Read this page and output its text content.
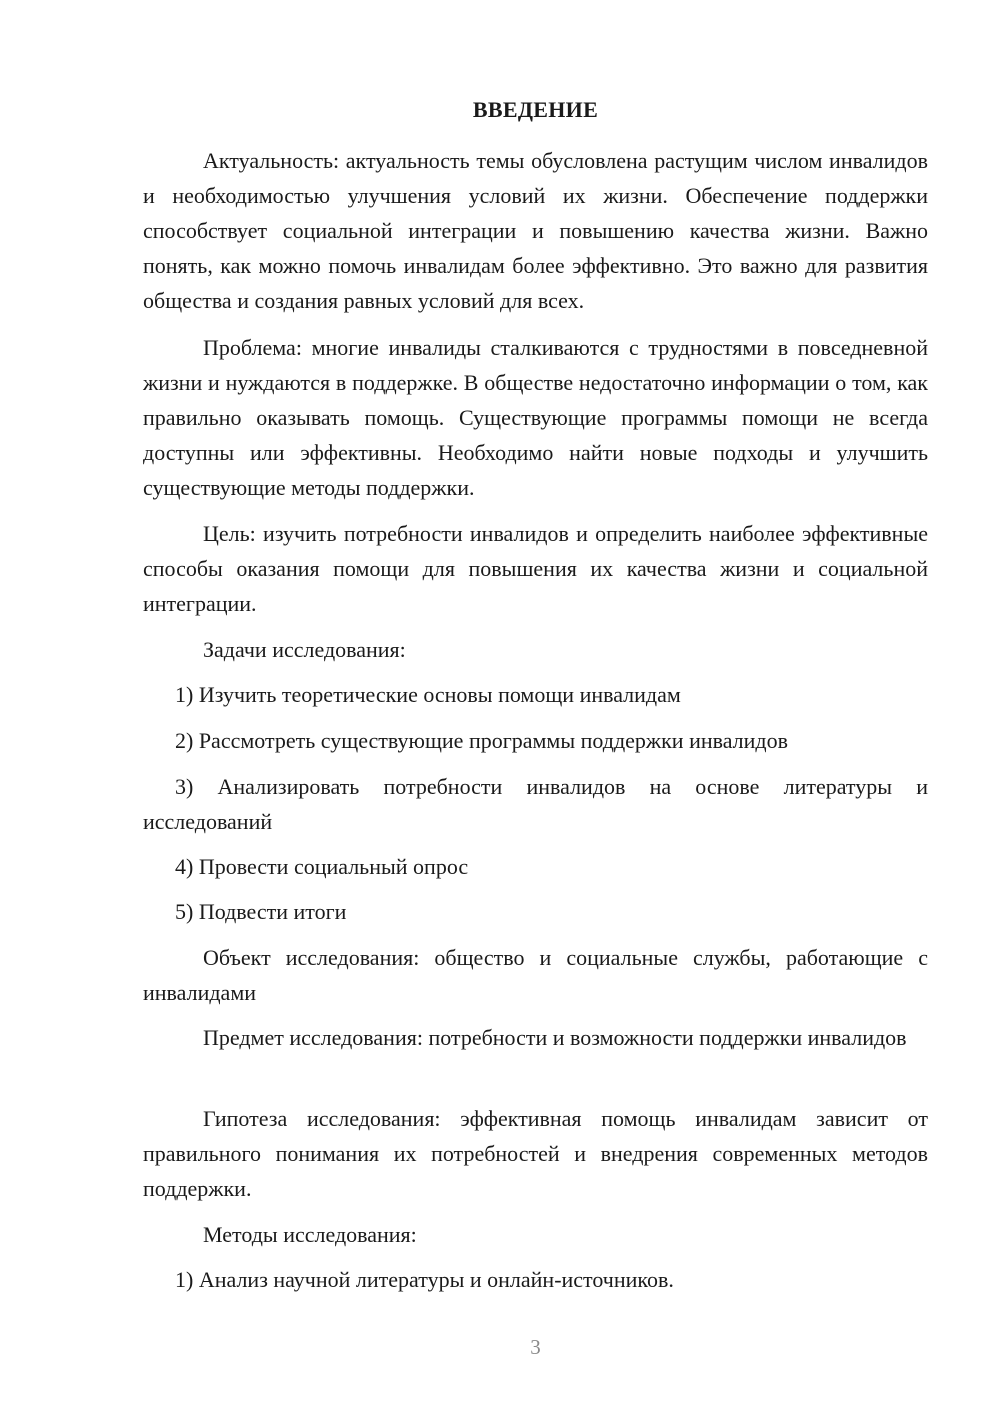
ВВЕДЕНИЕ
Актуальность: актуальность темы обусловлена растущим числом инвалидов и необходимостью улучшения условий их жизни. Обеспечение поддержки способствует социальной интеграции и повышению качества жизни. Важно понять, как можно помочь инвалидам более эффективно. Это важно для развития общества и создания равных условий для всех.
Проблема: многие инвалиды сталкиваются с трудностями в повседневной жизни и нуждаются в поддержке. В обществе недостаточно информации о том, как правильно оказывать помощь. Существующие программы помощи не всегда доступны или эффективны. Необходимо найти новые подходы и улучшить существующие методы поддержки.
Цель: изучить потребности инвалидов и определить наиболее эффективные способы оказания помощи для повышения их качества жизни и социальной интеграции.
Задачи исследования:
1) Изучить теоретические основы помощи инвалидам
2) Рассмотреть существующие программы поддержки инвалидов
3) Анализировать потребности инвалидов на основе литературы и исследований
4) Провести социальный опрос
5) Подвести итоги
Объект исследования: общество и социальные службы, работающие с инвалидами
Предмет исследования: потребности и возможности поддержки инвалидов
Гипотеза исследования: эффективная помощь инвалидам зависит от правильного понимания их потребностей и внедрения современных методов поддержки.
Методы исследования:
1) Анализ научной литературы и онлайн-источников.
3
